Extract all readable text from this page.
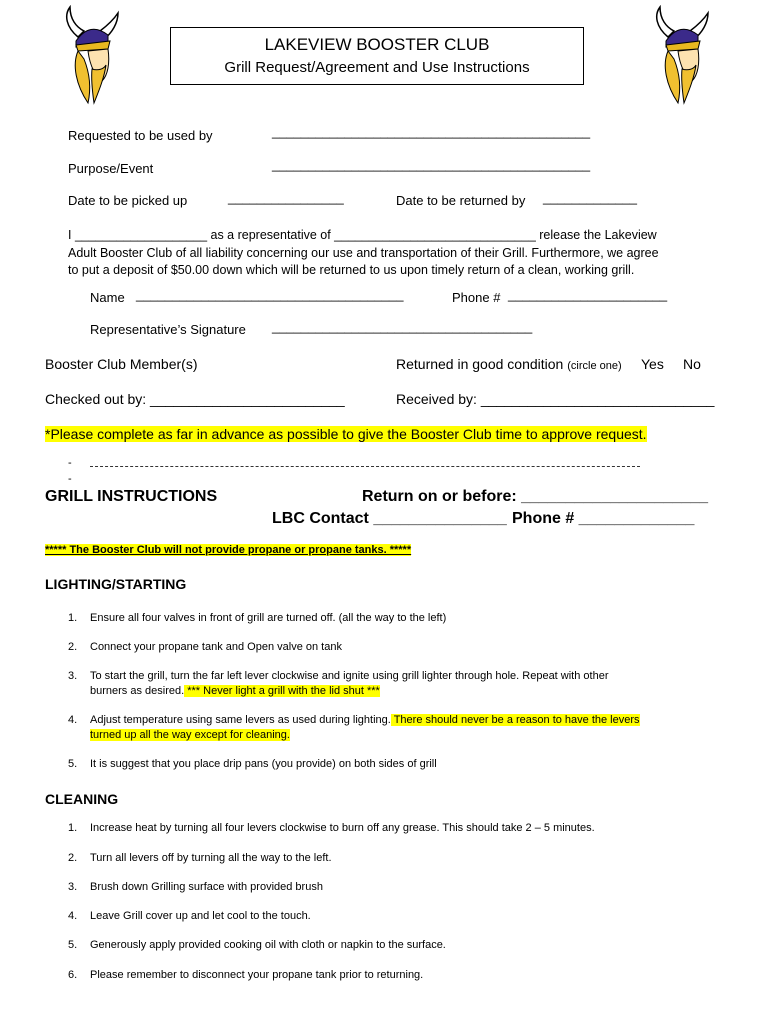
LAKEVIEW BOOSTER CLUB
Grill Request/Agreement and Use Instructions
Requested to be used by	____________________________________________
Purpose/Event	____________________________________________
Date to be picked up	________________	Date to be returned by _____________
I ___________________ as a representative of _____________________________ release the Lakeview
Adult Booster Club of all liability concerning our use and transportation of their Grill. Furthermore, we agree
to put a deposit of $50.00 down which will be returned to us upon timely return of a clean, working grill.
Name _____________________________________	Phone # ______________________
Representative’s Signature ____________________________________
Booster Club Member(s)	Returned in good condition (circle one) Yes No
Checked out by: _________________________	Received by: ______________________________
*Please complete as far in advance as possible to give the Booster Club time to approve request.
-
-
GRILL INSTRUCTIONS	Return on or before: _____________________
LBC Contact _______________ Phone # _____________
***** The Booster Club will not provide propane or propane tanks. *****
LIGHTING/STARTING
1. Ensure all four valves in front of grill are turned off. (all the way to the left)
2. Connect your propane tank and Open valve on tank
3. To start the grill, turn the far left lever clockwise and ignite using grill lighter through hole. Repeat with other
burners as desired. *** Never light a grill with the lid shut ***
4. Adjust temperature using same levers as used during lighting. There should never be a reason to have the levers
turned up all the way except for cleaning.
5. It is suggest that you place drip pans (you provide) on both sides of grill
CLEANING
1. Increase heat by turning all four levers clockwise to burn off any grease. This should take 2 – 5 minutes.
2. Turn all levers off by turning all the way to the left.
3. Brush down Grilling surface with provided brush
4. Leave Grill cover up and let cool to the touch.
5. Generously apply provided cooking oil with cloth or napkin to the surface.
6. Please remember to disconnect your propane tank prior to returning.
